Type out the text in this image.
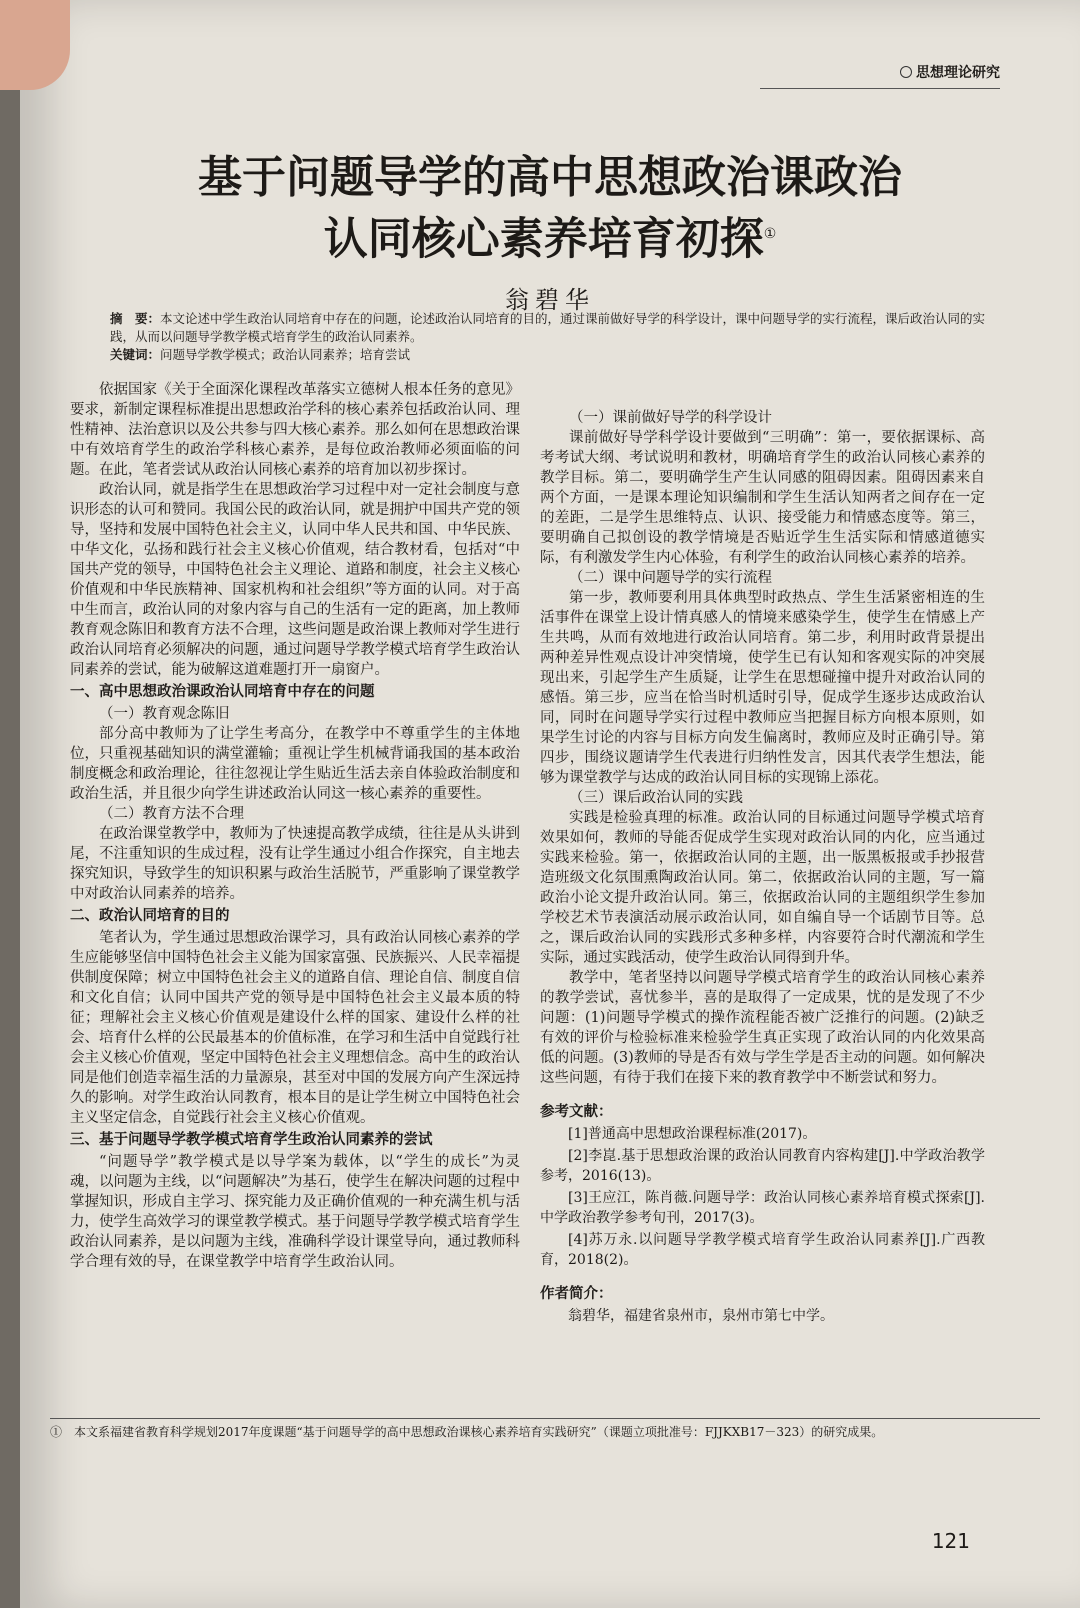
思想理论研究
基于问题导学的高中思想政治课政治
认同核心素养培育初探①
翁碧华
摘　要：本文论述中学生政治认同培育中存在的问题，论述政治认同培育的目的，通过课前做好导学的科学设计，课中问题导学的实行流程，课后政治认同的实践，从而以问题导学教学模式培育学生的政治认同素养。
关键词：问题导学教学模式；政治认同素养；培育尝试

依据国家《关于全面深化课程改革落实立德树人根本任务的意见》要求，新制定课程标准提出思想政治学科的核心素养包括政治认同、理性精神、法治意识以及公共参与四大核心素养。那么如何在思想政治课中有效培育学生的政治学科核心素养，是每位政治教师必须面临的问题。在此，笔者尝试从政治认同核心素养的培育加以初步探讨。

政治认同，就是指学生在思想政治学习过程中对一定社会制度与意识形态的认可和赞同。我国公民的政治认同，就是拥护中国共产党的领导，坚持和发展中国特色社会主义，认同中华人民共和国、中华民族、中华文化，弘扬和践行社会主义核心价值观，结合教材看，包括对“中国共产党的领导，中国特色社会主义理论、道路和制度，社会主义核心价值观和中华民族精神、国家机构和社会组织”等方面的认同。对于高中生而言，政治认同的对象内容与自己的生活有一定的距离，加上教师教育观念陈旧和教育方法不合理，这些问题是政治课上教师对学生进行政治认同培育必须解决的问题，通过问题导学教学模式培育学生政治认同素养的尝试，能为破解这道难题打开一扇窗户。

一、高中思想政治课政治认同培育中存在的问题
（一）教育观念陈旧

部分高中教师为了让学生考高分，在教学中不尊重学生的主体地位，只重视基础知识的满堂灌输；重视让学生机械背诵我国的基本政治制度概念和政治理论，往往忽视让学生贴近生活去亲自体验政治制度和政治生活，并且很少向学生讲述政治认同这一核心素养的重要性。

（二）教育方法不合理

在政治课堂教学中，教师为了快速提高教学成绩，往往是从头讲到尾，不注重知识的生成过程，没有让学生通过小组合作探究，自主地去探究知识，导致学生的知识积累与政治生活脱节，严重影响了课堂教学中对政治认同素养的培养。

二、政治认同培育的目的

笔者认为，学生通过思想政治课学习，具有政治认同核心素养的学生应能够坚信中国特色社会主义能为国家富强、民族振兴、人民幸福提供制度保障；树立中国特色社会主义的道路自信、理论自信、制度自信和文化自信；认同中国共产党的领导是中国特色社会主义最本质的特征；理解社会主义核心价值观是建设什么样的国家、建设什么样的社会、培育什么样的公民最基本的价值标准，在学习和生活中自觉践行社会主义核心价值观，坚定中国特色社会主义理想信念。高中生的政治认同是他们创造幸福生活的力量源泉，甚至对中国的发展方向产生深远持久的影响。对学生政治认同教育，根本目的是让学生树立中国特色社会主义坚定信念，自觉践行社会主义核心价值观。

三、基于问题导学教学模式培育学生政治认同素养的尝试

“问题导学”教学模式是以导学案为载体，以“学生的成长”为灵魂，以问题为主线，以“问题解决”为基石，使学生在解决问题的过程中掌握知识，形成自主学习、探究能力及正确价值观的一种充满生机与活力，使学生高效学习的课堂教学模式。基于问题导学教学模式培育学生政治认同素养，是以问题为主线，准确科学设计课堂导向，通过教师科学合理有效的导，在课堂教学中培育学生政治认同。

（一）课前做好导学的科学设计

课前做好导学科学设计要做到“三明确”：第一，要依据课标、高考考试大纲、考试说明和教材，明确培育学生的政治认同核心素养的教学目标。第二，要明确学生产生认同感的阻碍因素。阻碍因素来自两个方面，一是课本理论知识编制和学生生活认知两者之间存在一定的差距，二是学生思维特点、认识、接受能力和情感态度等。第三，要明确自己拟创设的教学情境是否贴近学生生活实际和情感道德实际，有利激发学生内心体验，有利学生的政治认同核心素养的培养。

（二）课中问题导学的实行流程

第一步，教师要利用具体典型时政热点、学生生活紧密相连的生活事件在课堂上设计情真感人的情境来感染学生，使学生在情感上产生共鸣，从而有效地进行政治认同培育。第二步，利用时政背景提出两种差异性观点设计冲突情境，使学生已有认知和客观实际的冲突展现出来，引起学生产生质疑，让学生在思想碰撞中提升对政治认同的感悟。第三步，应当在恰当时机适时引导，促成学生逐步达成政治认同，同时在问题导学实行过程中教师应当把握目标方向根本原则，如果学生讨论的内容与目标方向发生偏离时，教师应及时正确引导。第四步，围绕议题请学生代表进行归纳性发言，因其代表学生想法，能够为课堂教学与达成的政治认同目标的实现锦上添花。

（三）课后政治认同的实践

实践是检验真理的标准。政治认同的目标通过问题导学模式培育效果如何，教师的导能否促成学生实现对政治认同的内化，应当通过实践来检验。第一，依据政治认同的主题，出一版黑板报或手抄报营造班级文化氛围熏陶政治认同。第二，依据政治认同的主题，写一篇政治小论文提升政治认同。第三，依据政治认同的主题组织学生参加学校艺术节表演活动展示政治认同，如自编自导一个话剧节目等。总之，课后政治认同的实践形式多种多样，内容要符合时代潮流和学生实际，通过实践活动，使学生政治认同得到升华。

教学中，笔者坚持以问题导学模式培育学生的政治认同核心素养的教学尝试，喜忧参半，喜的是取得了一定成果，忧的是发现了不少问题：(1)问题导学模式的操作流程能否被广泛推行的问题。(2)缺乏有效的评价与检验标准来检验学生真正实现了政治认同的内化效果高低的问题。(3)教师的导是否有效与学生学是否主动的问题。如何解决这些问题，有待于我们在接下来的教育教学中不断尝试和努力。

参考文献：
[1]普通高中思想政治课程标准(2017)。
[2]李崑.基于思想政治课的政治认同教育内容构建[J].中学政治教学参考，2016(13)。
[3]王应江，陈肖薇.问题导学：政治认同核心素养培育模式探索[J].中学政治教学参考旬刊，2017(3)。
[4]苏万永.以问题导学教学模式培育学生政治认同素养[J].广西教育，2018(2)。
作者简介：
翁碧华，福建省泉州市，泉州市第七中学。
①　本文系福建省教育科学规划2017年度课题“基于问题导学的高中思想政治课核心素养培育实践研究”（课题立项批准号：FJJKXB17－323）的研究成果。
121
